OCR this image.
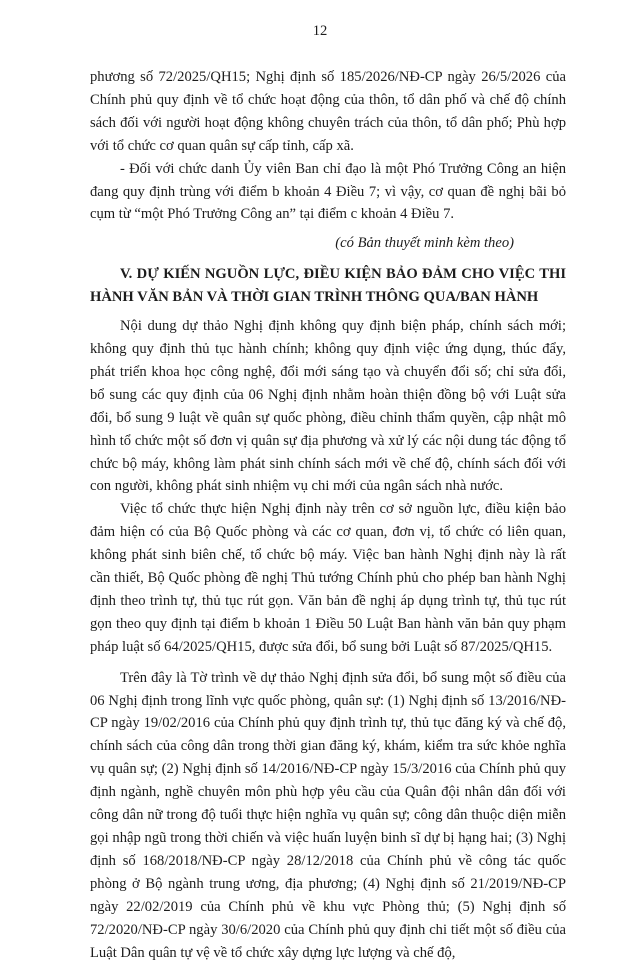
12

phương số 72/2025/QH15; Nghị định số 185/2026/NĐ-CP ngày 26/5/2026 của Chính phủ quy định về tổ chức hoạt động của thôn, tổ dân phố và chế độ chính sách đối với người hoạt động không chuyên trách của thôn, tổ dân phố; Phù hợp với tổ chức cơ quan quân sự cấp tỉnh, cấp xã.

- Đối với chức danh Ủy viên Ban chỉ đạo là một Phó Trưởng Công an hiện đang quy định trùng với điểm b khoản 4 Điều 7; vì vậy, cơ quan đề nghị bãi bỏ cụm từ “một Phó Trưởng Công an” tại điểm c khoản 4 Điều 7.

(có Bản thuyết minh kèm theo)

V. DỰ KIẾN NGUỒN LỰC, ĐIỀU KIỆN BẢO ĐẢM CHO VIỆC THI HÀNH VĂN BẢN VÀ THỜI GIAN TRÌNH THÔNG QUA/BAN HÀNH

Nội dung dự thảo Nghị định không quy định biện pháp, chính sách mới; không quy định thủ tục hành chính; không quy định việc ứng dụng, thúc đẩy, phát triển khoa học công nghệ, đổi mới sáng tạo và chuyển đổi số; chỉ sửa đổi, bổ sung các quy định của 06 Nghị định nhằm hoàn thiện đồng bộ với Luật sửa đổi, bổ sung 9 luật về quân sự quốc phòng, điều chỉnh thẩm quyền, cập nhật mô hình tổ chức một số đơn vị quân sự địa phương và xử lý các nội dung tác động tổ chức bộ máy, không làm phát sinh chính sách mới về chế độ, chính sách đối với con người, không phát sinh nhiệm vụ chi mới của ngân sách nhà nước.

Việc tổ chức thực hiện Nghị định này trên cơ sở nguồn lực, điều kiện bảo đảm hiện có của Bộ Quốc phòng và các cơ quan, đơn vị, tổ chức có liên quan, không phát sinh biên chế, tổ chức bộ máy. Việc ban hành Nghị định này là rất cần thiết, Bộ Quốc phòng đề nghị Thủ tướng Chính phủ cho phép ban hành Nghị định theo trình tự, thủ tục rút gọn. Văn bản đề nghị áp dụng trình tự, thủ tục rút gọn theo quy định tại điểm b khoản 1 Điều 50 Luật Ban hành văn bản quy phạm pháp luật số 64/2025/QH15, được sửa đổi, bổ sung bởi Luật số 87/2025/QH15.

Trên đây là Tờ trình về dự thảo Nghị định sửa đổi, bổ sung một số điều của 06 Nghị định trong lĩnh vực quốc phòng, quân sự: (1) Nghị định số 13/2016/NĐ-CP ngày 19/02/2016 của Chính phủ quy định trình tự, thủ tục đăng ký và chế độ, chính sách của công dân trong thời gian đăng ký, khám, kiểm tra sức khỏe nghĩa vụ quân sự; (2) Nghị định số 14/2016/NĐ-CP ngày 15/3/2016 của Chính phủ quy định ngành, nghề chuyên môn phù hợp yêu cầu của Quân đội nhân dân đối với công dân nữ trong độ tuổi thực hiện nghĩa vụ quân sự; công dân thuộc diện miễn gọi nhập ngũ trong thời chiến và việc huấn luyện binh sĩ dự bị hạng hai; (3) Nghị định số 168/2018/NĐ-CP ngày 28/12/2018 của Chính phủ về công tác quốc phòng ở Bộ ngành trung ương, địa phương; (4) Nghị định số 21/2019/NĐ-CP ngày 22/02/2019 của Chính phủ về khu vực Phòng thủ; (5) Nghị định số 72/2020/NĐ-CP ngày 30/6/2020 của Chính phủ quy định chi tiết một số điều của Luật Dân quân tự vệ về tổ chức xây dựng lực lượng và chế độ,
